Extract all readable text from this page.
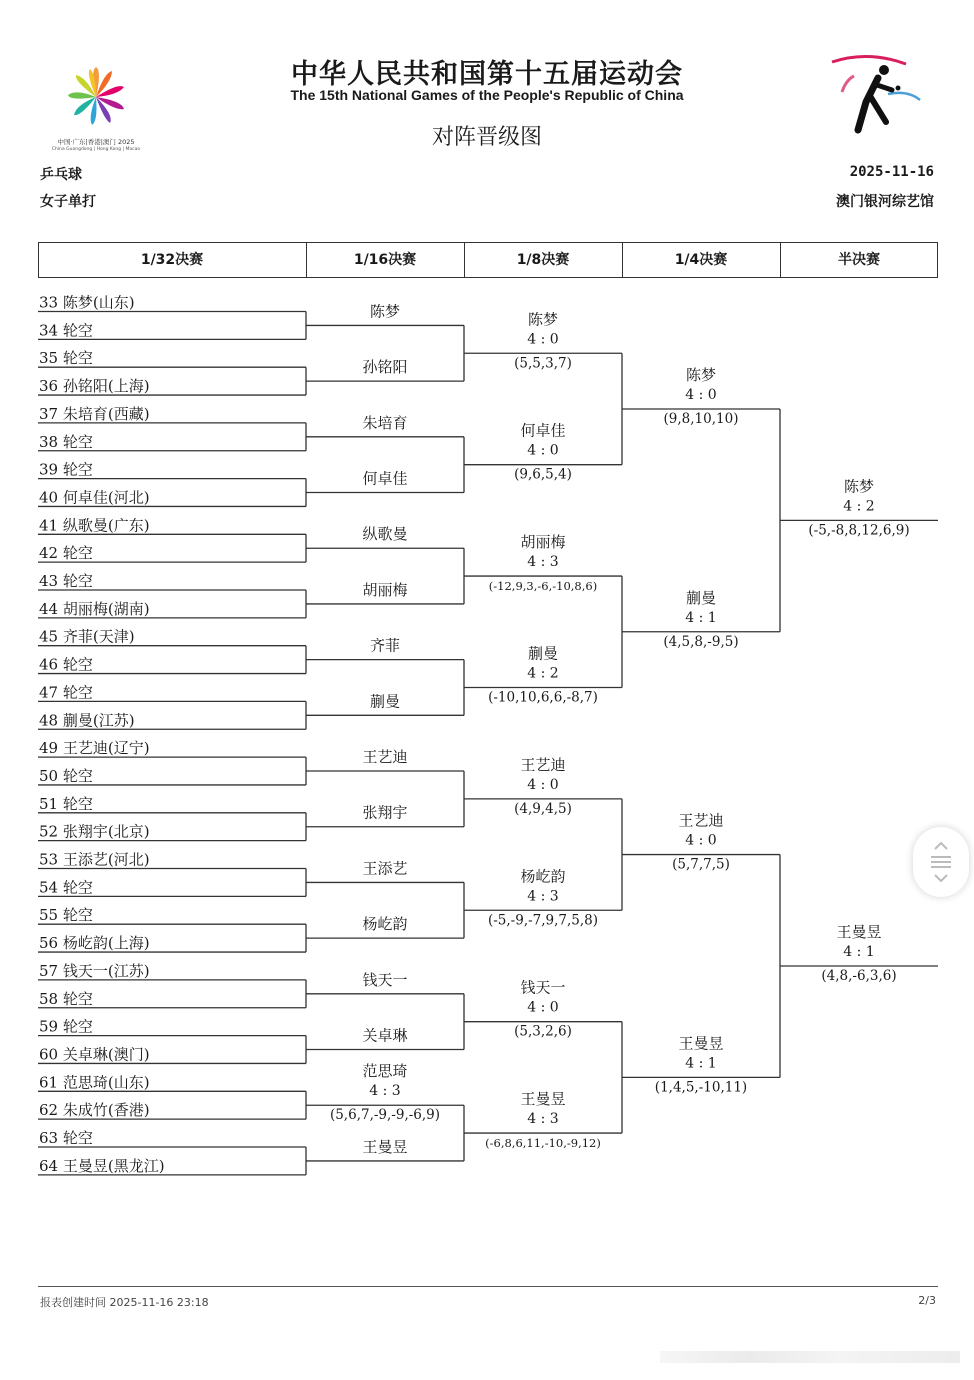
中国·广东|香港|澳门 2025
China Guangdong | Hong Kong | Macao
中华人民共和国第十五届运动会
The 15th National Games of the People's Republic of China
对阵晋级图
乒乓球
女子单打
2025-11-16
澳门银河综艺馆
1/32决赛	1/16决赛	1/8决赛	1/4决赛	半决赛
33 陈梦(山东)
34 轮空
35 轮空
36 孙铭阳(上海)
37 朱培育(西藏)
38 轮空
39 轮空
40 何卓佳(河北)
41 纵歌曼(广东)
42 轮空
43 轮空
44 胡丽梅(湖南)
45 齐菲(天津)
46 轮空
47 轮空
48 蒯曼(江苏)
49 王艺迪(辽宁)
50 轮空
51 轮空
52 张翔宇(北京)
53 王添艺(河北)
54 轮空
55 轮空
56 杨屹韵(上海)
57 钱天一(江苏)
58 轮空
59 轮空
60 关卓琳(澳门)
61 范思琦(山东)
62 朱成竹(香港)
63 轮空
64 王曼昱(黑龙江)
陈梦
孙铭阳
朱培育
何卓佳
纵歌曼
胡丽梅
齐菲
蒯曼
王艺迪
张翔宇
王添艺
杨屹韵
钱天一
关卓琳
范思琦
4 : 3
(5,6,7,-9,-9,-6,9)
王曼昱
陈梦
4 : 0
(5,5,3,7)
何卓佳
4 : 0
(9,6,5,4)
胡丽梅
4 : 3
(-12,9,3,-6,-10,8,6)
蒯曼
4 : 2
(-10,10,6,6,-8,7)
王艺迪
4 : 0
(4,9,4,5)
杨屹韵
4 : 3
(-5,-9,-7,9,7,5,8)
钱天一
4 : 0
(5,3,2,6)
王曼昱
4 : 3
(-6,8,6,11,-10,-9,12)
陈梦
4 : 0
(9,8,10,10)
蒯曼
4 : 1
(4,5,8,-9,5)
王艺迪
4 : 0
(5,7,7,5)
王曼昱
4 : 1
(1,4,5,-10,11)
陈梦
4 : 2
(-5,-8,8,12,6,9)
王曼昱
4 : 1
(4,8,-6,3,6)
报表创建时间 2025-11-16 23:18	2/3
